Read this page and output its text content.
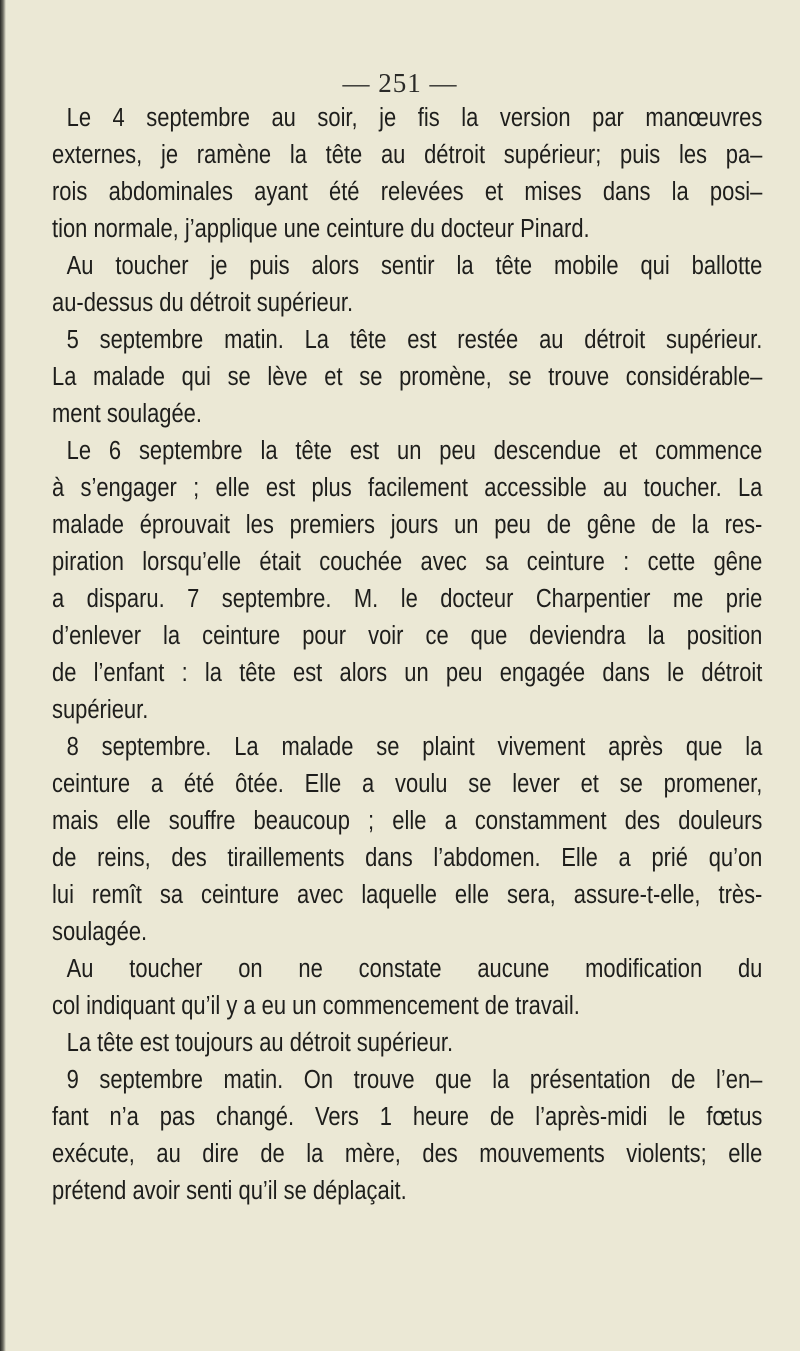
— 251 —
Le 4 septembre au soir, je fis la version par manœuvres
externes, je ramène la tête au détroit supérieur; puis les pa–
rois abdominales ayant été relevées et mises dans la posi–
tion normale, j’applique une ceinture du docteur Pinard.
Au toucher je puis alors sentir la tête mobile qui ballotte
au-dessus du détroit supérieur.
5 septembre matin. La tête est restée au détroit supérieur.
La malade qui se lève et se promène, se trouve considérable–
ment soulagée.
Le 6 septembre la tête est un peu descendue et commence
à s’engager ; elle est plus facilement accessible au toucher. La
malade éprouvait les premiers jours un peu de gêne de la res-
piration lorsqu’elle était couchée avec sa ceinture : cette gêne
a disparu. 7 septembre. M. le docteur Charpentier me prie
d’enlever la ceinture pour voir ce que deviendra la position
de l’enfant : la tête est alors un peu engagée dans le détroit
supérieur.
8 septembre. La malade se plaint vivement après que la
ceinture a été ôtée. Elle a voulu se lever et se promener,
mais elle souffre beaucoup ; elle a constamment des douleurs
de reins, des tiraillements dans l’abdomen. Elle a prié qu’on
lui remît sa ceinture avec laquelle elle sera, assure-t-elle, très-
soulagée.
Au toucher on ne constate aucune modification du
col indiquant qu’il y a eu un commencement de travail.
La tête est toujours au détroit supérieur.
9 septembre matin. On trouve que la présentation de l’en–
fant n’a pas changé. Vers 1 heure de l’après-midi le fœtus
exécute, au dire de la mère, des mouvements violents; elle
prétend avoir senti qu’il se déplaçait.
